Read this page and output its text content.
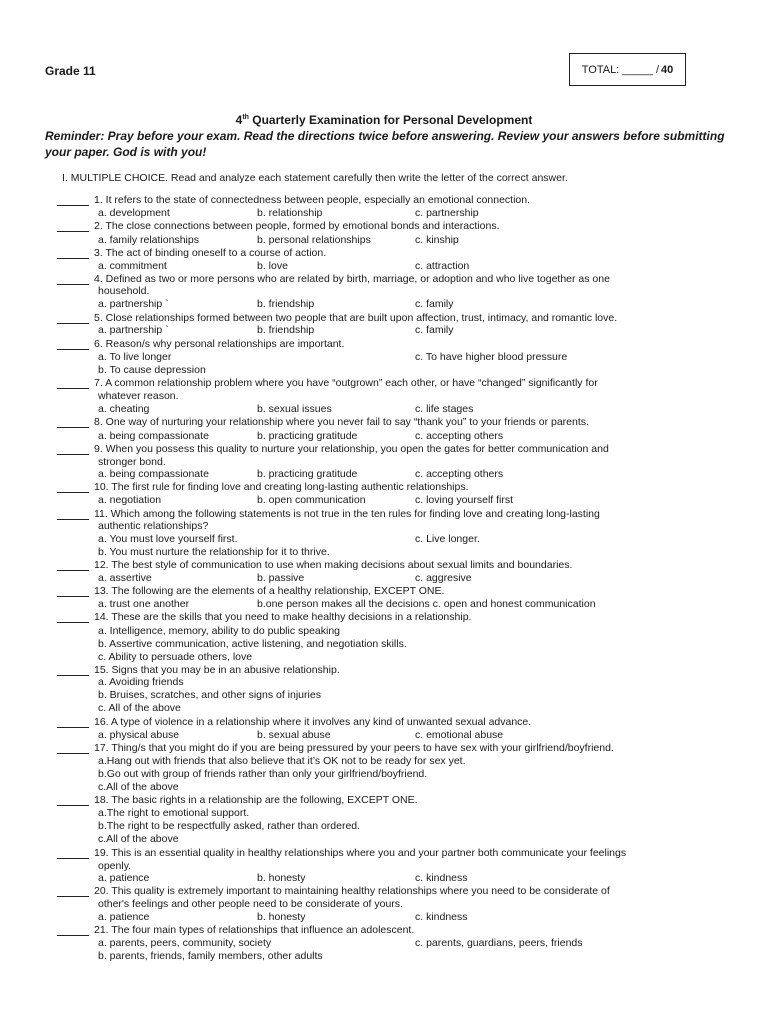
Grade 11	TOTAL: _____ / 40
4th Quarterly Examination for Personal Development
Reminder: Pray before your exam. Read the directions twice before answering. Review your answers before submitting your paper. God is with you!
I. MULTIPLE CHOICE. Read and analyze each statement carefully then write the letter of the correct answer.
1. It refers to the state of connectedness between people, especially an emotional connection.
a. development	b. relationship	c. partnership
2. The close connections between people, formed by emotional bonds and interactions.
a. family relationships	b. personal relationships	c. kinship
3. The act of binding oneself to a course of action.
a. commitment	b. love	c. attraction
4. Defined as two or more persons who are related by birth, marriage, or adoption and who live together as one
household.
a. partnership `	b. friendship	c. family
5. Close relationships formed between two people that are built upon affection, trust, intimacy, and romantic love.
a. partnership `	b. friendship	c. family
6. Reason/s why personal relationships are important.
a. To live longer	c. To have higher blood pressure
b. To cause depression
7. A common relationship problem where you have “outgrown” each other, or have “changed” significantly for
whatever reason.
a. cheating	b. sexual issues	c. life stages
8. One way of nurturing your relationship where you never fail to say “thank you” to your friends or parents.
a. being compassionate	b. practicing gratitude	c. accepting others
9. When you possess this quality to nurture your relationship, you open the gates for better communication and
stronger bond.
a. being compassionate	b. practicing gratitude	c. accepting others
10. The first rule for finding love and creating long-lasting authentic relationships.
a. negotiation	b. open communication	c. loving yourself first
11. Which among the following statements is not true in the ten rules for finding love and creating long-lasting
authentic relationships?
a. You must love yourself first.	c. Live longer.
b. You must nurture the relationship for it to thrive.
12. The best style of communication to use when making decisions about sexual limits and boundaries.
a. assertive	b. passive	c. aggresive
13. The following are the elements of a healthy relationship, EXCEPT ONE.
a. trust one another	b.one person makes all the decisions c. open and honest communication
14. These are the skills that you need to make healthy decisions in a relationship.
a. Intelligence, memory, ability to do public speaking
b. Assertive communication, active listening, and negotiation skills.
c. Ability to persuade others, love
15. Signs that you may be in an abusive relationship.
a. Avoiding friends
b. Bruises, scratches, and other signs of injuries
c. All of the above
16. A type of violence in a relationship where it involves any kind of unwanted sexual advance.
a. physical abuse	b. sexual abuse	c. emotional abuse
17. Thing/s that you might do if you are being pressured by your peers to have sex with your girlfriend/boyfriend.
a.Hang out with friends that also believe that it’s OK not to be ready for sex yet.
b.Go out with group of friends rather than only your girlfriend/boyfriend.
c.All of the above
18. The basic rights in a relationship are the following, EXCEPT ONE.
a.The right to emotional support.
b.The right to be respectfully asked, rather than ordered.
c.All of the above
19. This is an essential quality in healthy relationships where you and your partner both communicate your feelings
openly.
a. patience	b. honesty	c. kindness
20. This quality is extremely important to maintaining healthy relationships where you need to be considerate of
other's feelings and other people need to be considerate of yours.
a. patience	b. honesty	c. kindness
21. The four main types of relationships that influence an adolescent.
a. parents, peers, community, society	c. parents, guardians, peers, friends
b. parents, friends, family members, other adults
